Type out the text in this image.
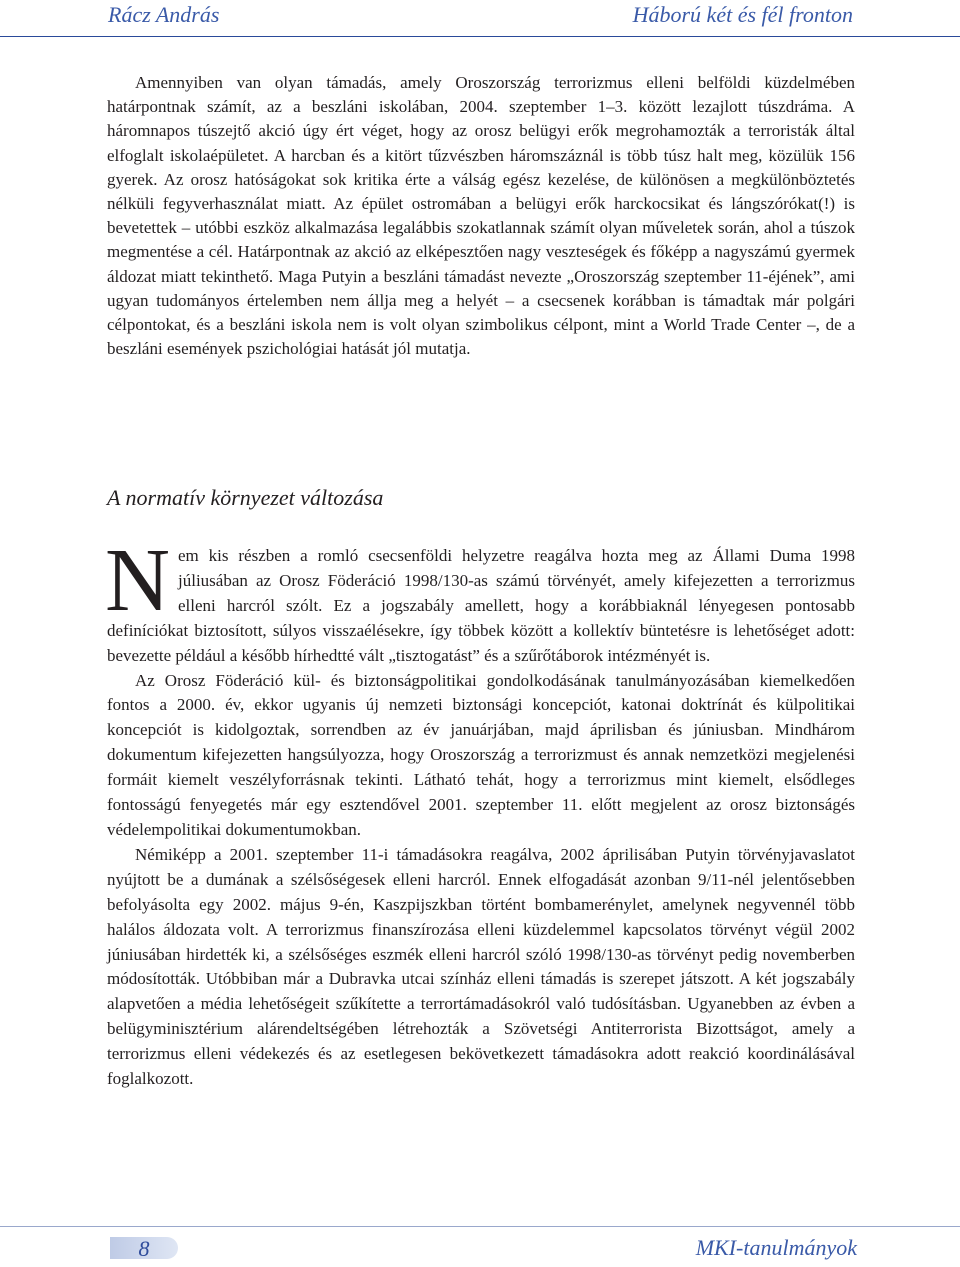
Rácz András	Háború két és fél fronton

Amennyiben van olyan támadás, amely Oroszország terrorizmus elleni belföldi küzdelmében határpontnak számít, az a beszláni iskolában, 2004. szeptember 1–3. között lezajlott túszdráma. A háromnapos túszejtő akció úgy ért véget, hogy az orosz belügyi erők megrohamozták a terroristák által elfoglalt iskolaépületet. A harcban és a kitört tűzvészben háromszáznál is több túsz halt meg, közülük 156 gyerek. Az orosz hatóságokat sok kritika érte a válság egész kezelése, de különösen a megkülönböztetés nélküli fegyverhasználat miatt. Az épület ostromában a belügyi erők harckocsikat és lángszórókat(!) is bevetettek – utóbbi eszköz alkalmazása legalábbis szokatlannak számít olyan műveletek során, ahol a túszok megmentése a cél. Határpontnak az akció az elképesztően nagy veszteségek és főképp a nagyszámú gyermek áldozat miatt tekinthető. Maga Putyin a beszláni támadást nevezte „Oroszország szeptember 11-éjének”, ami ugyan tudományos értelemben nem állja meg a helyét – a csecsenek korábban is támadtak már polgári célpontokat, és a beszláni iskola nem is volt olyan szimbolikus célpont, mint a World Trade Center –, de a beszláni események pszichológiai hatását jól mutatja.

A normatív környezet változása

Nem kis részben a romló csecsenföldi helyzetre reagálva hozta meg az Állami Duma 1998 júliusában az Orosz Föderáció 1998/130-as számú törvényét, amely kifejezetten a terrorizmus elleni harcról szólt. Ez a jogszabály amellett, hogy a korábbiaknál lényegesen pontosabb definíciókat biztosított, súlyos visszaélésekre, így többek között a kollektív büntetésre is lehetőséget adott: bevezette például a később hírhedtté vált „tisztogatást” és a szűrőtáborok intézményét is.

Az Orosz Föderáció kül- és biztonságpolitikai gondolkodásának tanulmányozásában kiemelkedően fontos a 2000. év, ekkor ugyanis új nemzeti biztonsági koncepciót, katonai doktrínát és külpolitikai koncepciót is kidolgoztak, sorrendben az év januárjában, majd áprilisban és júniusban. Mindhárom dokumentum kifejezetten hangsúlyozza, hogy Oroszország a terrorizmust és annak nemzetközi megjelenési formáit kiemelt veszélyforrásnak tekinti. Látható tehát, hogy a terrorizmus mint kiemelt, elsődleges fontosságú fenyegetés már egy esztendővel 2001. szeptember 11. előtt megjelent az orosz biztonságés védelempolitikai dokumentumokban.

Némiképp a 2001. szeptember 11-i támadásokra reagálva, 2002 áprilisában Putyin törvényjavaslatot nyújtott be a dumának a szélsőségesek elleni harcról. Ennek elfogadását azonban 9/11-nél jelentősebben befolyásolta egy 2002. május 9-én, Kaszpijszkban történt bombamerénylet, amelynek negyvennél több halálos áldozata volt. A terrorizmus finanszírozása elleni küzdelemmel kapcsolatos törvényt végül 2002 júniusában hirdették ki, a szélsőséges eszmék elleni harcról szóló 1998/130-as törvényt pedig novemberben módosították. Utóbbiban már a Dubravka utcai színház elleni támadás is szerepet játszott. A két jogszabály alapvetően a média lehetőségeit szűkítette a terrortámadásokról való tudósításban. Ugyanebben az évben a belügyminisztérium alárendeltségében létrehozták a Szövetségi Antiterrorista Bizottságot, amely a terrorizmus elleni védekezés és az esetlegesen bekövetkezett támadásokra adott reakció koordinálásával foglalkozott.

8	MKI-tanulmányok
